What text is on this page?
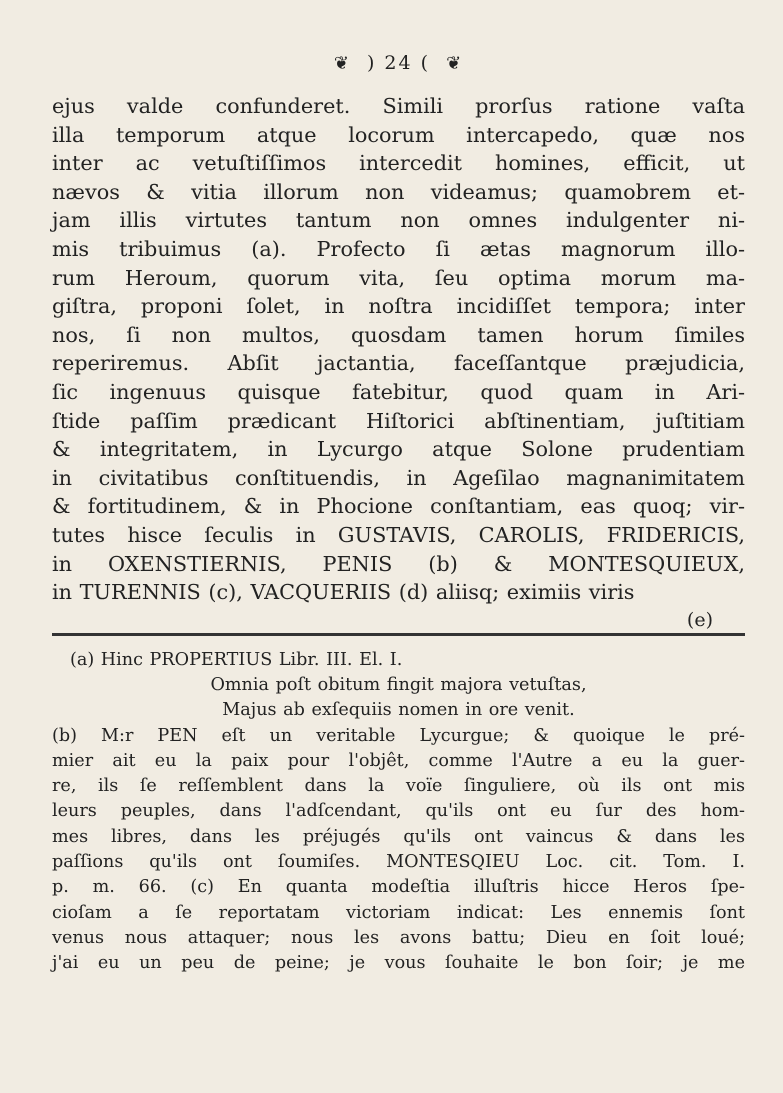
❦ ) 24 ( ❦

ejus valde confunderet. Simili prorſus ratione vaſta

illa temporum atque locorum intercapedo, quæ nos

inter ac vetuſtiſſimos intercedit homines, efficit, ut

nævos & vitia illorum non videamus; quamobrem et-

jam illis virtutes tantum non omnes indulgenter ni-

mis tribuimus (a). Profecto ſi ætas magnorum illo-

rum Heroum, quorum vita, ſeu optima morum ma-

giſtra, proponi ſolet, in noſtra incidiſſet tempora; inter

nos, ſi non multos, quosdam tamen horum ſimiles

reperiremus. Abſit jactantia, faceſſantque præjudicia,

ſic ingenuus quisque fatebitur, quod quam in Ari-

ſtide paſſim prædicant Hiſtorici abſtinentiam, juſtitiam

& integritatem, in Lycurgo atque Solone prudentiam

in civitatibus conſtituendis, in Ageſilao magnanimitatem

& fortitudinem, & in Phocione conſtantiam, eas quoq; vir-

tutes hisce ſeculis in GUSTAVIS, CAROLIS, FRIDERICIS,

in OXENSTIERNIS, PENIS (b) & MONTESQUIEUX,

in TURENNIS (c), VACQUERIIS (d) aliisq; eximiis viris

(e)

(a) Hinc PROPERTIUS Libr. III. El. I.

Omnia poſt obitum fingit majora vetuſtas,

Majus ab exſequiis nomen in ore venit.

(b) M:r PEN eſt un veritable Lycurgue; & quoique le pré-

mier ait eu la paix pour l'objêt, comme l'Autre a eu la guer-

re, ils ſe reſſemblent dans la voïe ſinguliere, où ils ont mis

leurs peuples, dans l'adſcendant, qu'ils ont eu ſur des hom-

mes libres, dans les préjugés qu'ils ont vaincus & dans les

paſſions qu'ils ont ſoumiſes. MONTESQIEU Loc. cit. Tom. I.

p. m. 66. (c) En quanta modeſtia illuſtris hicce Heros ſpe-

cioſam a ſe reportatam victoriam indicat: Les ennemis ſont

venus nous attaquer; nous les avons battu; Dieu en ſoit loué;

j'ai eu un peu de peine; je vous ſouhaite le bon ſoir; je me
